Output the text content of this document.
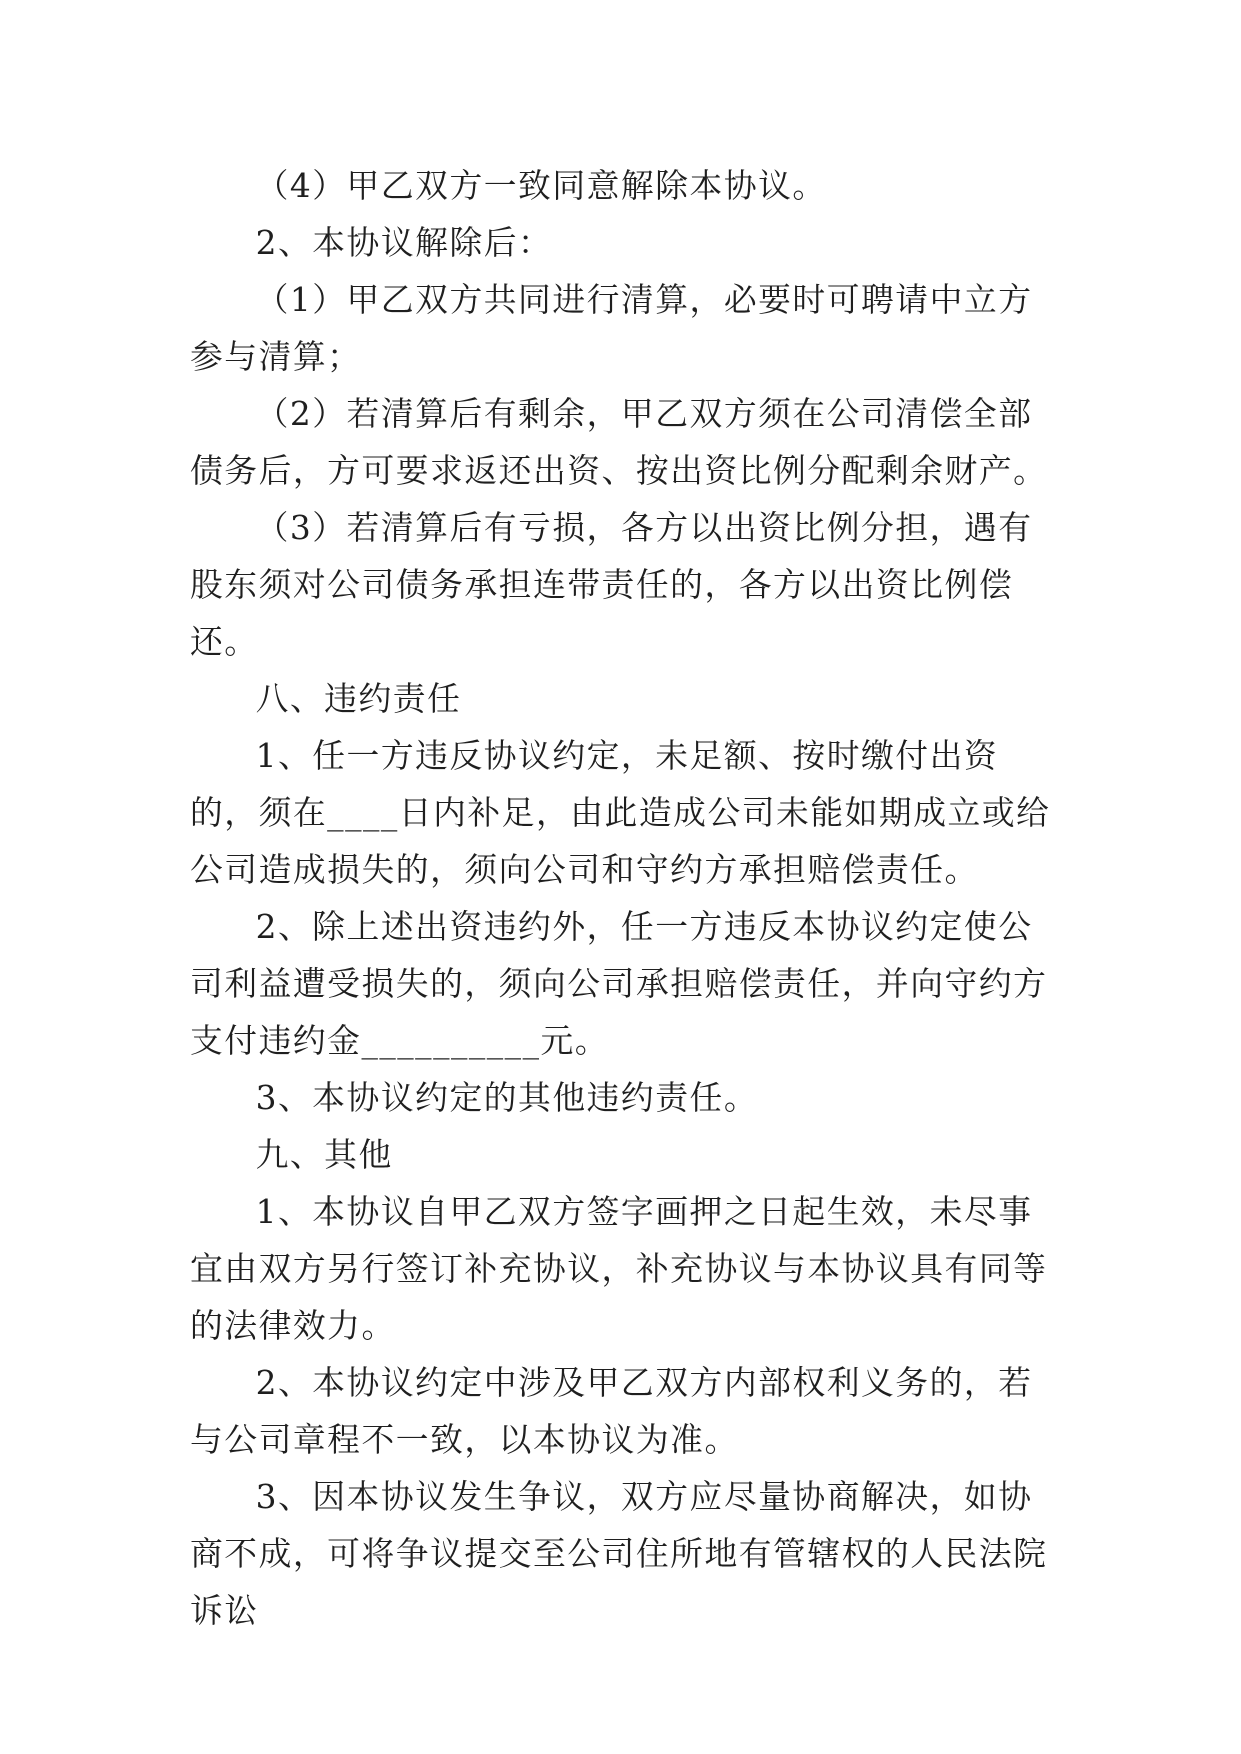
（4）甲乙双方一致同意解除本协议。

2、本协议解除后：

（1）甲乙双方共同进行清算，必要时可聘请中立方参与清算；

（2）若清算后有剩余，甲乙双方须在公司清偿全部债务后，方可要求返还出资、按出资比例分配剩余财产。

（3）若清算后有亏损，各方以出资比例分担，遇有股东须对公司债务承担连带责任的，各方以出资比例偿还。

八、违约责任

1、任一方违反协议约定，未足额、按时缴付出资的，须在____日内补足，由此造成公司未能如期成立或给公司造成损失的，须向公司和守约方承担赔偿责任。

2、除上述出资违约外，任一方违反本协议约定使公司利益遭受损失的，须向公司承担赔偿责任，并向守约方支付违约金__________元。

3、本协议约定的其他违约责任。

九、其他

1、本协议自甲乙双方签字画押之日起生效，未尽事宜由双方另行签订补充协议，补充协议与本协议具有同等的法律效力。

2、本协议约定中涉及甲乙双方内部权利义务的，若与公司章程不一致，以本协议为准。

3、因本协议发生争议，双方应尽量协商解决，如协商不成，可将争议提交至公司住所地有管辖权的人民法院诉讼
